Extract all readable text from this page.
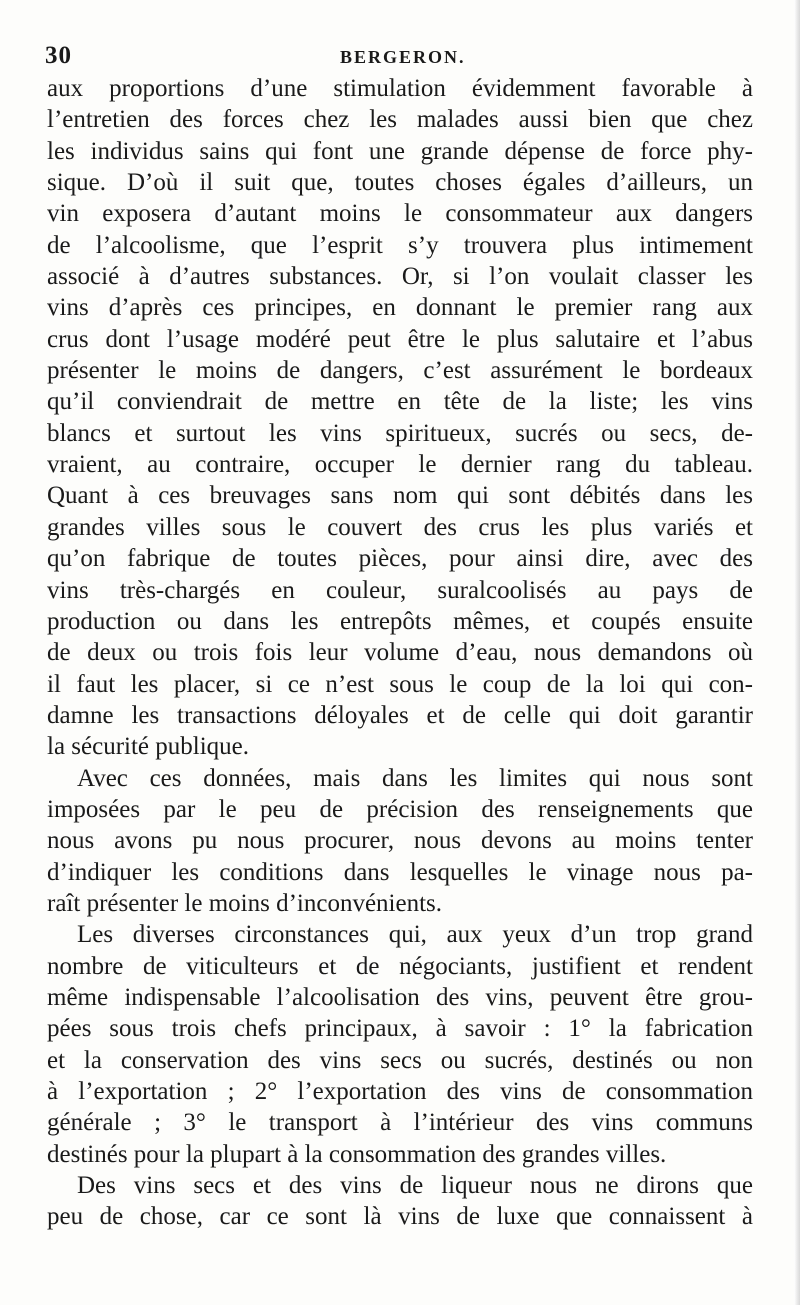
30	BERGERON.
aux proportions d’une stimulation évidemment favorable à
l’entretien des forces chez les malades aussi bien que chez
les individus sains qui font une grande dépense de force phy-
sique. D’où il suit que, toutes choses égales d’ailleurs, un
vin exposera d’autant moins le consommateur aux dangers
de l’alcoolisme, que l’esprit s’y trouvera plus intimement
associé à d’autres substances. Or, si l’on voulait classer les
vins d’après ces principes, en donnant le premier rang aux
crus dont l’usage modéré peut être le plus salutaire et l’abus
présenter le moins de dangers, c’est assurément le bordeaux
qu’il conviendrait de mettre en tête de la liste; les vins
blancs et surtout les vins spiritueux, sucrés ou secs, de-
vraient, au contraire, occuper le dernier rang du tableau.
Quant à ces breuvages sans nom qui sont débités dans les
grandes villes sous le couvert des crus les plus variés et
qu’on fabrique de toutes pièces, pour ainsi dire, avec des
vins très-chargés en couleur, suralcoolisés au pays de
production ou dans les entrepôts mêmes, et coupés ensuite
de deux ou trois fois leur volume d’eau, nous demandons où
il faut les placer, si ce n’est sous le coup de la loi qui con-
damne les transactions déloyales et de celle qui doit garantir
la sécurité publique.
Avec ces données, mais dans les limites qui nous sont
imposées par le peu de précision des renseignements que
nous avons pu nous procurer, nous devons au moins tenter
d’indiquer les conditions dans lesquelles le vinage nous pa-
raît présenter le moins d’inconvénients.
Les diverses circonstances qui, aux yeux d’un trop grand
nombre de viticulteurs et de négociants, justifient et rendent
même indispensable l’alcoolisation des vins, peuvent être grou-
pées sous trois chefs principaux, à savoir : 1° la fabrication
et la conservation des vins secs ou sucrés, destinés ou non
à l’exportation ; 2° l’exportation des vins de consommation
générale ; 3° le transport à l’intérieur des vins communs
destinés pour la plupart à la consommation des grandes villes.
Des vins secs et des vins de liqueur nous ne dirons que
peu de chose, car ce sont là vins de luxe que connaissent à
